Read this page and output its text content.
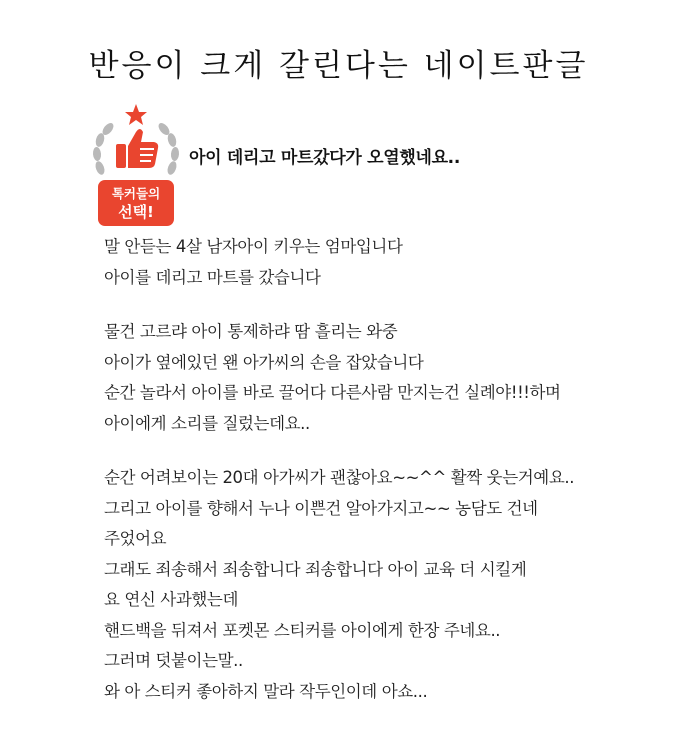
반응이 크게 갈린다는 네이트판글
톡커들의
선택!
아이 데리고 마트갔다가 오열했네요..
말 안듣는 4살 남자아이 키우는 엄마입니다
아이를 데리고 마트를 갔습니다
물건 고르랴 아이 통제하랴 땀 흘리는 와중
아이가 옆에있던 왠 아가씨의 손을 잡았습니다
순간 놀라서 아이를 바로 끌어다 다른사람 만지는건 실례야!!!하며
아이에게 소리를 질렀는데요..
순간 어려보이는 20대 아가씨가 괜찮아요~~^^ 활짝 웃는거예요..
그리고 아이를 향해서 누나 이쁜건 알아가지고~~ 농담도 건네
주었어요
그래도 죄송해서 죄송합니다 죄송합니다 아이 교육 더 시킬게
요 연신 사과했는데
핸드백을 뒤져서 포켓몬 스티커를 아이에게 한장 주네요..
그러며 덧붙이는말..
와 아 스티커 좋아하지 말라 작두인이데 아쇼...
